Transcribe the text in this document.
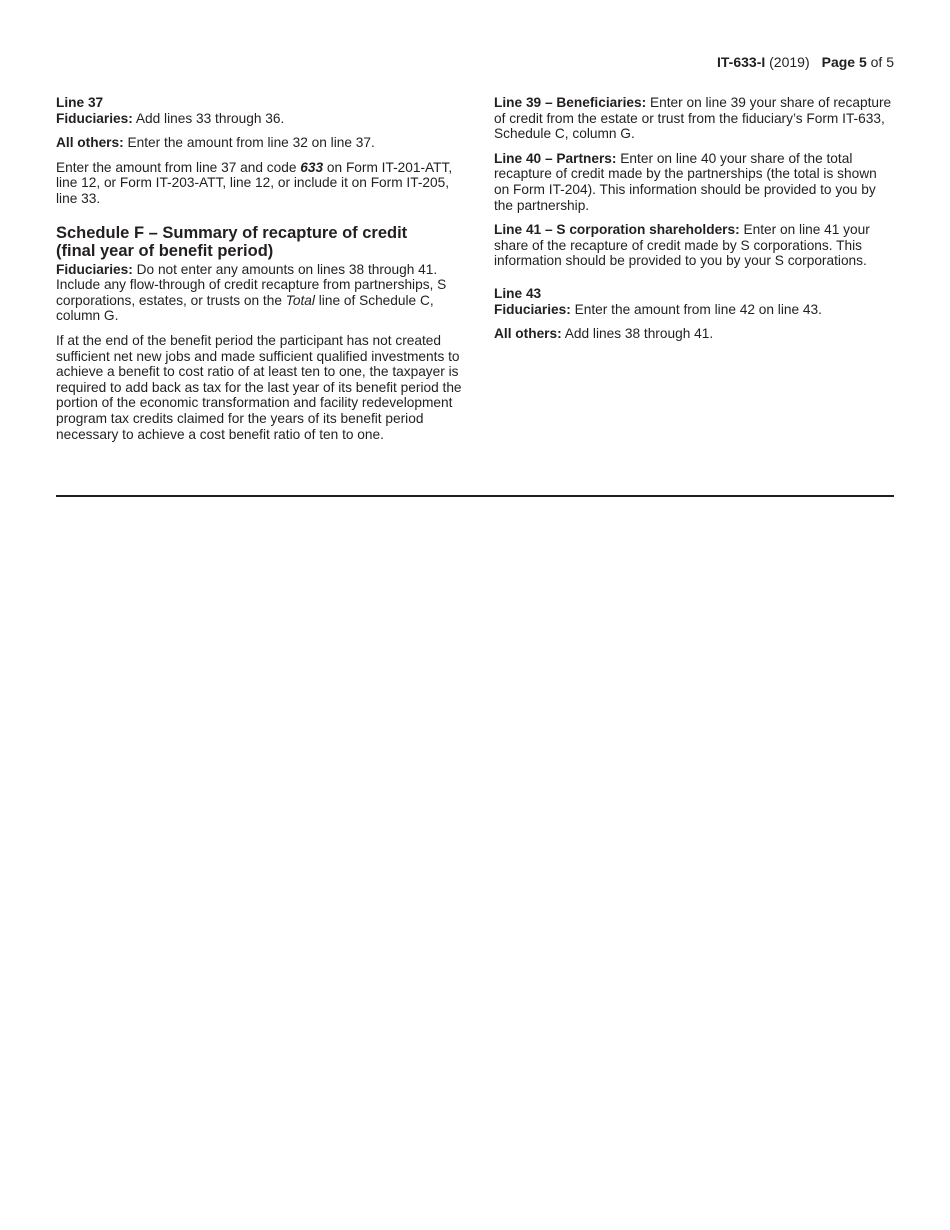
IT-633-I (2019) Page 5 of 5

Line 37

Fiduciaries: Add lines 33 through 36.

All others: Enter the amount from line 32 on line 37.

Enter the amount from line 37 and code 633 on Form IT-201-ATT, line 12, or Form IT-203-ATT, line 12, or include it on Form IT-205, line 33.

Schedule F – Summary of recapture of credit
(final year of benefit period)

Fiduciaries: Do not enter any amounts on lines 38 through 41. Include any flow-through of credit recapture from partnerships, S corporations, estates, or trusts on the Total line of Schedule C, column G.

If at the end of the benefit period the participant has not created sufficient net new jobs and made sufficient qualified investments to achieve a benefit to cost ratio of at least ten to one, the taxpayer is required to add back as tax for the last year of its benefit period the portion of the economic transformation and facility redevelopment program tax credits claimed for the years of its benefit period necessary to achieve a cost benefit ratio of ten to one.

Line 39 – Beneficiaries: Enter on line 39 your share of recapture of credit from the estate or trust from the fiduciary’s Form IT-633, Schedule C, column G.

Line 40 – Partners: Enter on line 40 your share of the total recapture of credit made by the partnerships (the total is shown on Form IT-204). This information should be provided to you by the partnership.

Line 41 – S corporation shareholders: Enter on line 41 your share of the recapture of credit made by S corporations. This information should be provided to you by your S corporations.

Line 43

Fiduciaries: Enter the amount from line 42 on line 43.

All others: Add lines 38 through 41.
